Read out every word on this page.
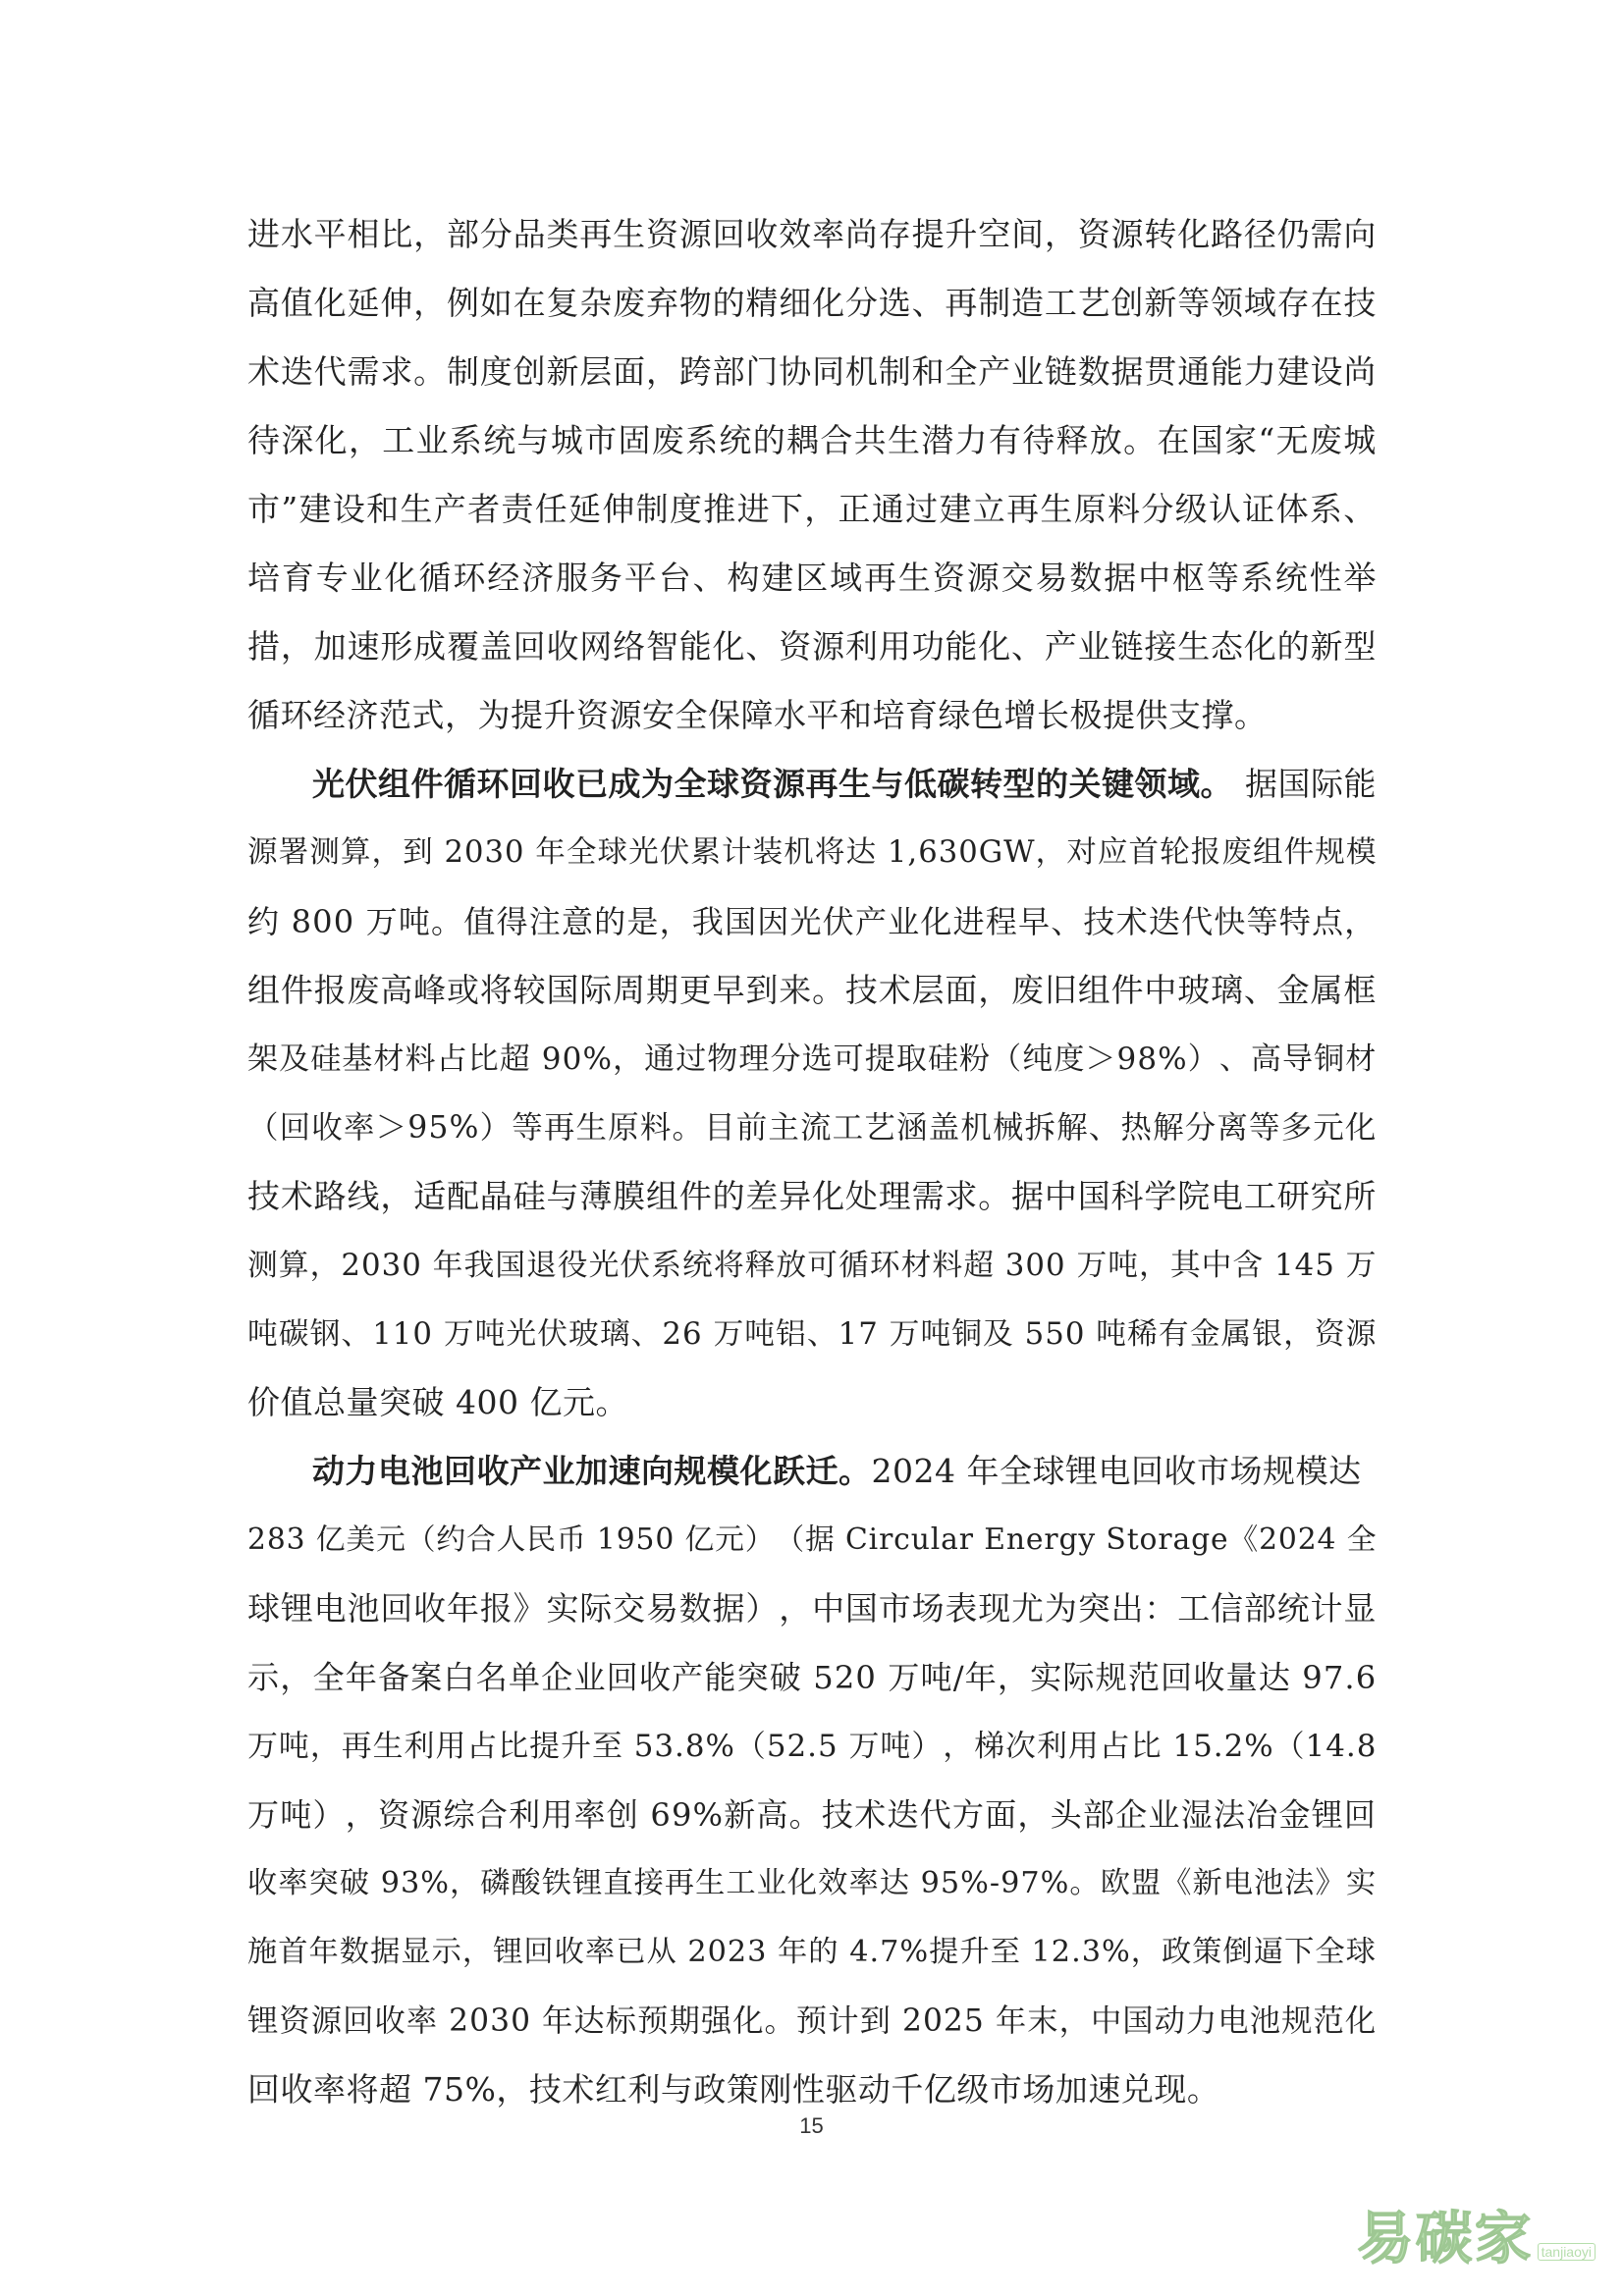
进 水 平 相 比 ， 部 分 品 类 再 生 资 源 回 收 效 率 尚 存 提 升 空 间 ， 资 源 转 化 路 径 仍 需 向
高 值 化 延 伸 ， 例 如 在 复 杂 废 弃 物 的 精 细 化 分 选 、 再 制 造 工 艺 创 新 等 领 域 存 在 技
术 迭 代 需 求 。 制 度 创 新 层 面 ， 跨 部 门 协 同 机 制 和 全 产 业 链 数 据 贯 通 能 力 建 设 尚
待 深 化 ， 工 业 系 统 与 城 市 固 废 系 统 的 耦 合 共 生 潜 力 有 待 释 放 。 在 国 家 “ 无 废 城
市 ” 建 设 和 生 产 者 责 任 延 伸 制 度 推 进 下 ， 正 通 过 建 立 再 生 原 料 分 级 认 证 体 系 、
培 育 专 业 化 循 环 经 济 服 务 平 台 、 构 建 区 域 再 生 资 源 交 易 数 据 中 枢 等 系 统 性 举
措 ， 加 速 形 成 覆 盖 回 收 网 络 智 能 化 、 资 源 利 用 功 能 化 、 产 业 链 接 生 态 化 的 新 型
循环经济范式，为提升资源安全保障水平和培育绿色增长极提供支撑。
光伏组件循环回收已成为全球资源再生与低碳转型的关键领域。 据国际能
源 署 测 算 ， 到
2 0 3 0
年 全 球 光 伏 累 计 装 机 将 达
1 , 6 3 0 G W ， 对 应 首 轮 报 废 组 件 规 模
约
8 0 0
万 吨 。 值 得 注 意 的 是 ， 我 国 因 光 伏 产 业 化 进 程 早 、 技 术 迭 代 快 等 特 点 ，
组 件 报 废 高 峰 或 将 较 国 际 周 期 更 早 到 来 。 技 术 层 面 ， 废 旧 组 件 中 玻 璃 、 金 属 框
架 及 硅 基 材 料 占 比 超
9 0 % ， 通 过 物 理 分 选 可 提 取 硅 粉 （ 纯 度 ＞ 9 8 % ） 、 高 导 铜 材
（ 回 收 率 ＞ 9 5 % ） 等 再 生 原 料 。 目 前 主 流 工 艺 涵 盖 机 械 拆 解 、 热 解 分 离 等 多 元 化
技 术 路 线 ， 适 配 晶 硅 与 薄 膜 组 件 的 差 异 化 处 理 需 求 。 据 中 国 科 学 院 电 工 研 究 所
测 算 ， 2 0 3 0
年 我 国 退 役 光 伏 系 统 将 释 放 可 循 环 材 料 超
3 0 0
万 吨 ， 其 中 含
1 4 5
万
吨 碳 钢 、 1 1 0
万 吨 光 伏 玻 璃 、 2 6
万 吨 铝 、 1 7
万 吨 铜 及
5 5 0
吨 稀 有 金 属 银 ， 资 源
价值总量突破 400 亿元。
动力电池回收产业加速向规模化跃迁。 2024 年全球锂电回收市场规模达
2 8 3
亿 美 元 （ 约 合 人 民 币
1 9 5 0
亿 元 ） （ 据
C i r c u l a r
E n e r g y
S t o r a g e 《 2 0 2 4
全
球 锂 电 池 回 收 年 报 》 实 际 交 易 数 据 ） ， 中 国 市 场 表 现 尤 为 突 出 ： 工 信 部 统 计 显
示 ， 全 年 备 案 白 名 单 企 业 回 收 产 能 突 破
5 2 0
万 吨 / 年 ， 实 际 规 范 回 收 量 达
9 7 . 6
万 吨 ， 再 生 利 用 占 比 提 升 至
5 3 . 8 % （ 5 2 . 5
万 吨 ） ， 梯 次 利 用 占 比
1 5 . 2 % （ 1 4 . 8
万 吨 ） ， 资 源 综 合 利 用 率 创
6 9 % 新 高 。 技 术 迭 代 方 面 ， 头 部 企 业 湿 法 冶 金 锂 回
收 率 突 破
9 3 % ， 磷 酸 铁 锂 直 接 再 生 工 业 化 效 率 达
9 5 % - 9 7 % 。 欧 盟 《 新 电 池 法 》 实
施 首 年 数 据 显 示 ， 锂 回 收 率 已 从
2 0 2 3
年 的
4 . 7 % 提 升 至
1 2 . 3 % ， 政 策 倒 逼 下 全 球
锂 资 源 回 收 率
2 0 3 0
年 达 标 预 期 强 化 。 预 计 到
2 0 2 5
年 末 ， 中 国 动 力 电 池 规 范 化
回收率将超 75%，技术红利与政策刚性驱动千亿级市场加速兑现。
15
易碳家 tanjiaoyi
